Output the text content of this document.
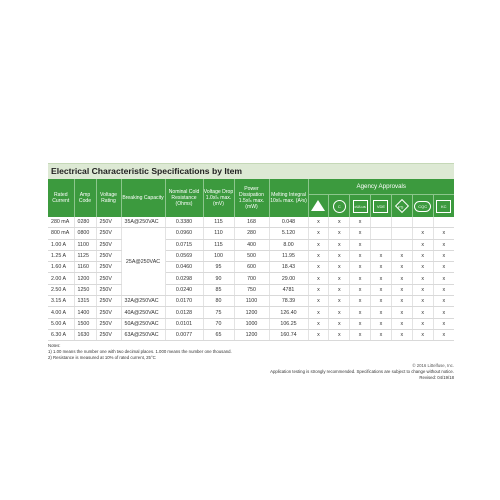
Electrical Characteristic Specifications by Item
Rated Current	Amp Code	Voltage Rating	Breaking Capacity	Nominal Cold Resistance (Ohms)	Voltage Drop 1.0xIₙ max. (mV)	Power Dissipation 1.5xIₙ max. (mW)	Melting Integral 10xIₙ max. (A²s)	Agency Approvals						
									C	cULus	VDE	PS	CQC	KC
280 mA	0280	250V	35A@250VAC	0.3380	115	168	0.048	x	x	x				
800 mA	0800	250V	25A@250VAC	0.0960	110	280	5.120	x	x	x			x	x
1.00 A	1100	250V		0.0715	115	400	8.00	x	x	x			x	x
1.25 A	1125	250V		0.0569	100	500	11.95	x	x	x	x	x	x	x
1.60 A	1160	250V		0.0460	95	600	18.43	x	x	x	x	x	x	x
2.00 A	1200	250V		0.0298	90	700	29.00	x	x	x	x	x	x	x
2.50 A	1250	250V		0.0240	85	750	4781	x	x	x	x	x	x	x
3.15 A	1315	250V	32A@250VAC	0.0170	80	1100	78.39	x	x	x	x	x	x	x
4.00 A	1400	250V	40A@250VAC	0.0128	75	1200	126.40	x	x	x	x	x	x	x
5.00 A	1500	250V	50A@250VAC	0.0101	70	1000	106.25	x	x	x	x	x	x	x
6.30 A	1630	250V	63A@250VAC	0.0077	65	1200	160.74	x	x	x	x	x	x	x
Notes:
1) 1.00 means the number one with two decimal places. 1.000 means the number one thousand.
2) Resistance is measured at 10% of rated current, 25°C
© 2016 Littelfuse, Inc.
Application testing is strongly recommended. Specifications are subject to change without notice.
Revised: 04/19/18
